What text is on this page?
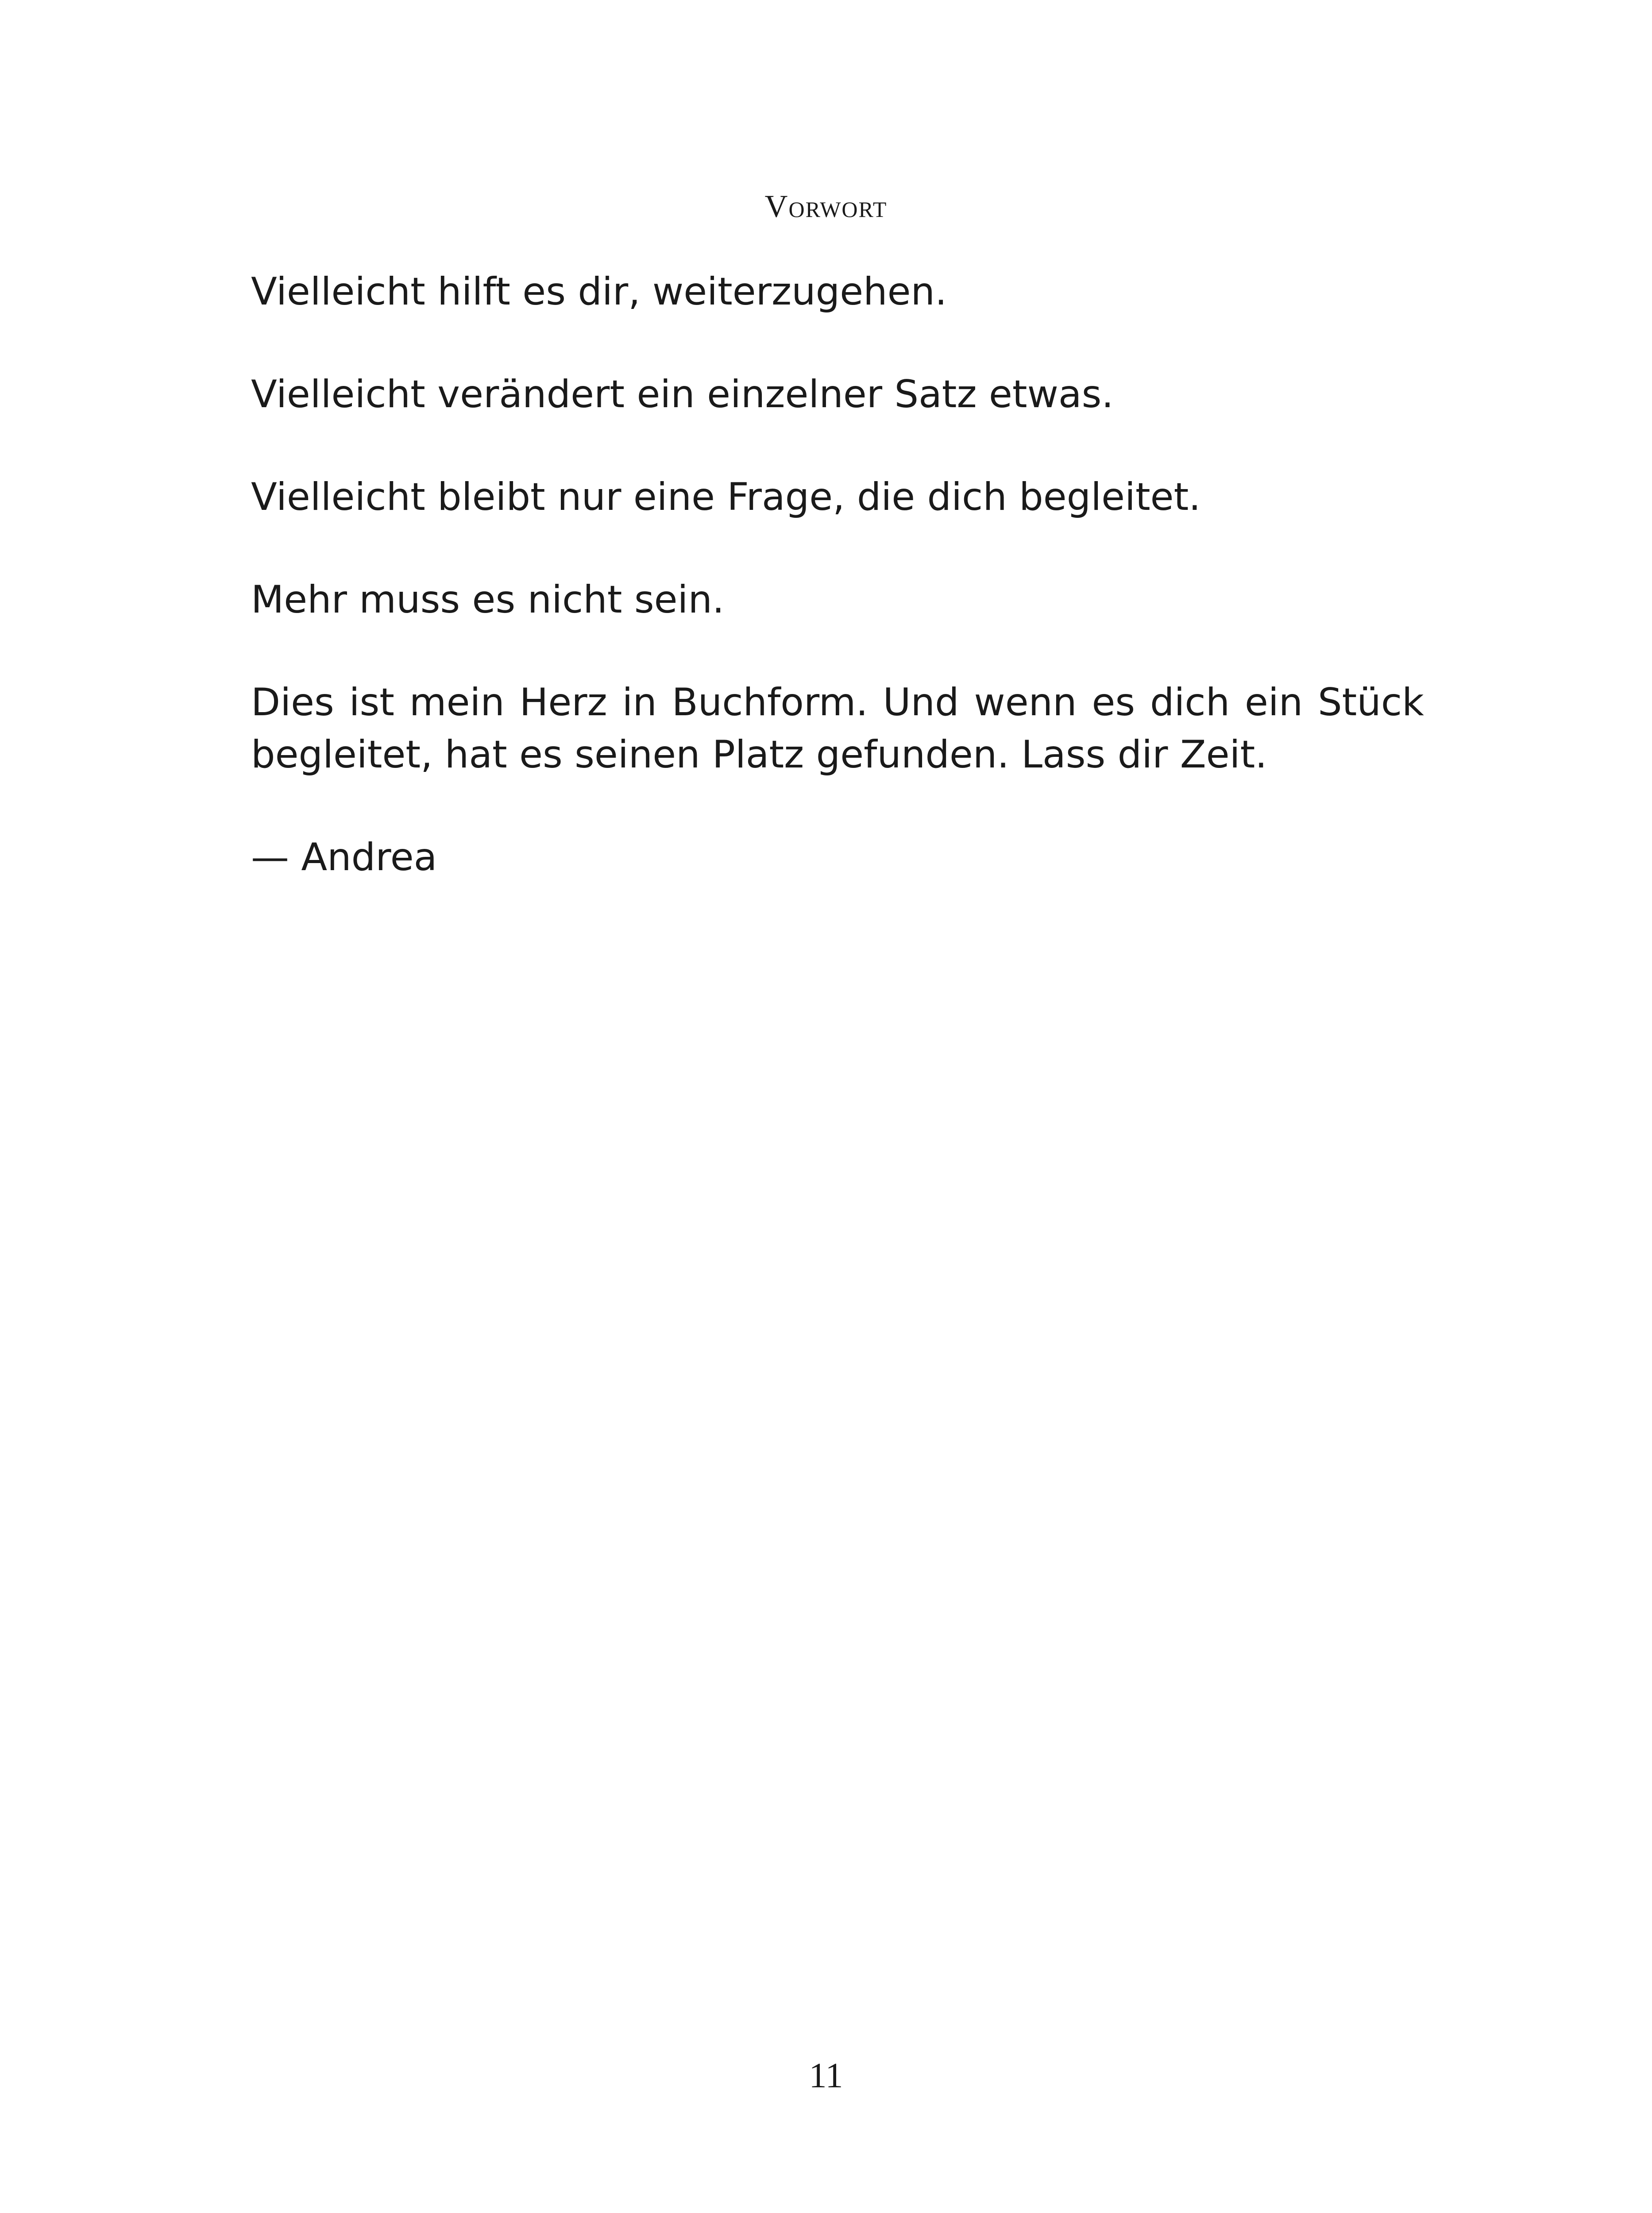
Vorwort

Vielleicht hilft es dir, weiterzugehen.

Vielleicht verändert ein einzelner Satz etwas.

Vielleicht bleibt nur eine Frage, die dich begleitet.

Mehr muss es nicht sein.

Dies ist mein Herz in Buchform. Und wenn es dich ein Stück begleitet, hat es seinen Platz gefunden. Lass dir Zeit.

— Andrea

11
